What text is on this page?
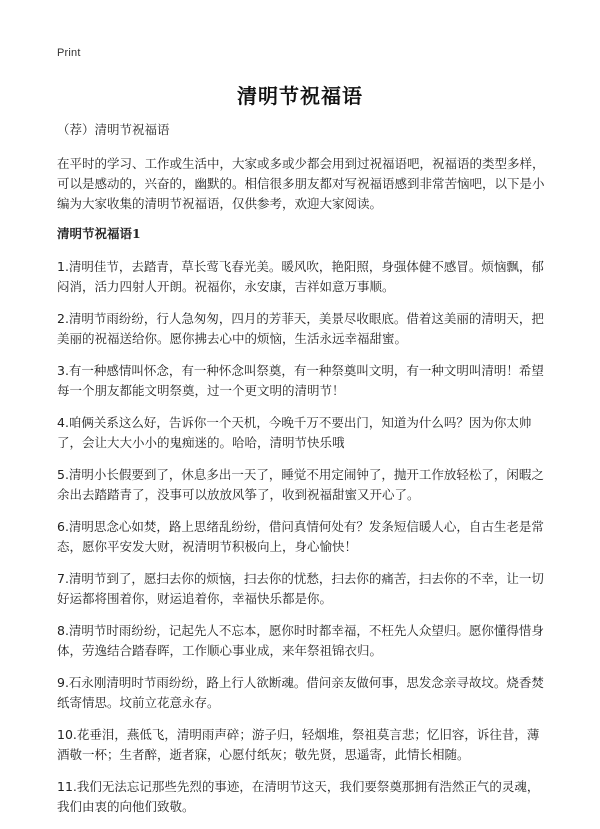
Print
清明节祝福语

（荐）清明节祝福语

在平时的学习、工作或生活中，大家或多或少都会用到过祝福语吧，祝福语的类型多样，可以是感动的，兴奋的，幽默的。相信很多朋友都对写祝福语感到非常苦恼吧，以下是小编为大家收集的清明节祝福语，仅供参考，欢迎大家阅读。

清明节祝福语1

1.清明佳节，去踏青，草长莺飞春光美。暖风吹，艳阳照，身强体健不感冒。烦恼飘，郁闷消，活力四射人开朗。祝福你，永安康，吉祥如意万事顺。

2.清明节雨纷纷，行人急匆匆，四月的芳菲天，美景尽收眼底。借着这美丽的清明天，把美丽的祝福送给你。愿你拂去心中的烦恼，生活永远幸福甜蜜。

3.有一种感情叫怀念，有一种怀念叫祭奠，有一种祭奠叫文明，有一种文明叫清明！希望每一个朋友都能文明祭奠，过一个更文明的清明节！

4.咱俩关系这么好，告诉你一个天机，今晚千万不要出门，知道为什么吗？因为你太帅了，会让大大小小的鬼痴迷的。哈哈，清明节快乐哦

5.清明小长假要到了，休息多出一天了，睡觉不用定闹钟了，抛开工作放轻松了，闲暇之余出去踏踏青了，没事可以放放风筝了，收到祝福甜蜜又开心了。

6.清明思念心如焚，路上思绪乱纷纷，借问真情何处有？发条短信暖人心，自古生老是常态，愿你平安发大财，祝清明节积极向上，身心愉快！

7.清明节到了，愿扫去你的烦恼，扫去你的忧愁，扫去你的痛苦，扫去你的不幸，让一切好运都将围着你，财运追着你，幸福快乐都是你。

8.清明节时雨纷纷，记起先人不忘本，愿你时时都幸福，不枉先人众望归。愿你懂得惜身体，劳逸结合踏春晖，工作顺心事业成，来年祭祖锦衣归。

9.石永刚清明时节雨纷纷，路上行人欲断魂。借问亲友做何事，思发念亲寻故坟。烧香焚纸寄情思。坟前立花意永存。

10.花垂泪，燕低飞，清明雨声碎；游子归，轻烟堆，祭祖莫言悲；忆旧容，诉往昔，薄酒敬一杯；生者醉，逝者寐，心愿付纸灰；敬先贤，思遥寄，此情长相随。

11.我们无法忘记那些先烈的事迹，在清明节这天，我们要祭奠那拥有浩然正气的灵魂，我们由衷的向他们致敬。
